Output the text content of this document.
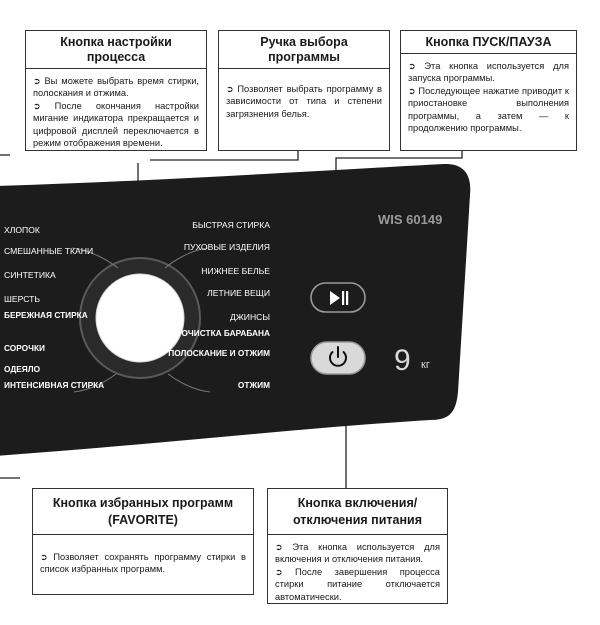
ХЛОПОК
СМЕШАННЫЕ ТКАНИ
СИНТЕТИКА
ШЕРСТЬ
БЕРЕЖНАЯ СТИРКА
СОРОЧКИ
ОДЕЯЛО
ИНТЕНСИВНАЯ СТИРКА
БЫСТРАЯ СТИРКА
ПУХОВЫЕ ИЗДЕЛИЯ
НИЖНЕЕ БЕЛЬЕ
ЛЕТНИЕ ВЕЩИ
ДЖИНСЫ
ОЧИСТКА БАРАБАНА
ПОЛОСКАНИЕ И ОТЖИМ
ОТЖИМ
WIS 60149
9 кг
Кнопка настройки процесса

➲ Вы можете выбрать время стирки, полоскания и отжима.

➲ После окончания настройки мигание индикатора прекращается и цифровой дисплей переключается в режим отображения времени.

Ручка выбора программы

➲ Позволяет выбрать программу в зависимости от типа и степени загрязнения белья.

Кнопка ПУСК/ПАУЗА

➲ Эта кнопка используется для запуска программы.

➲ Последующее нажатие приводит к приостановке выполнения программы, а затем — к продолжению программы.

Кнопка избранных программ
(FAVORITE)

➲ Позволяет сохранять программу стирки в список избранных программ.

Кнопка включения/
отключения питания

➲ Эта кнопка используется для включения и отключения питания.

➲ После завершения процесса стирки питание отключается автоматически.
